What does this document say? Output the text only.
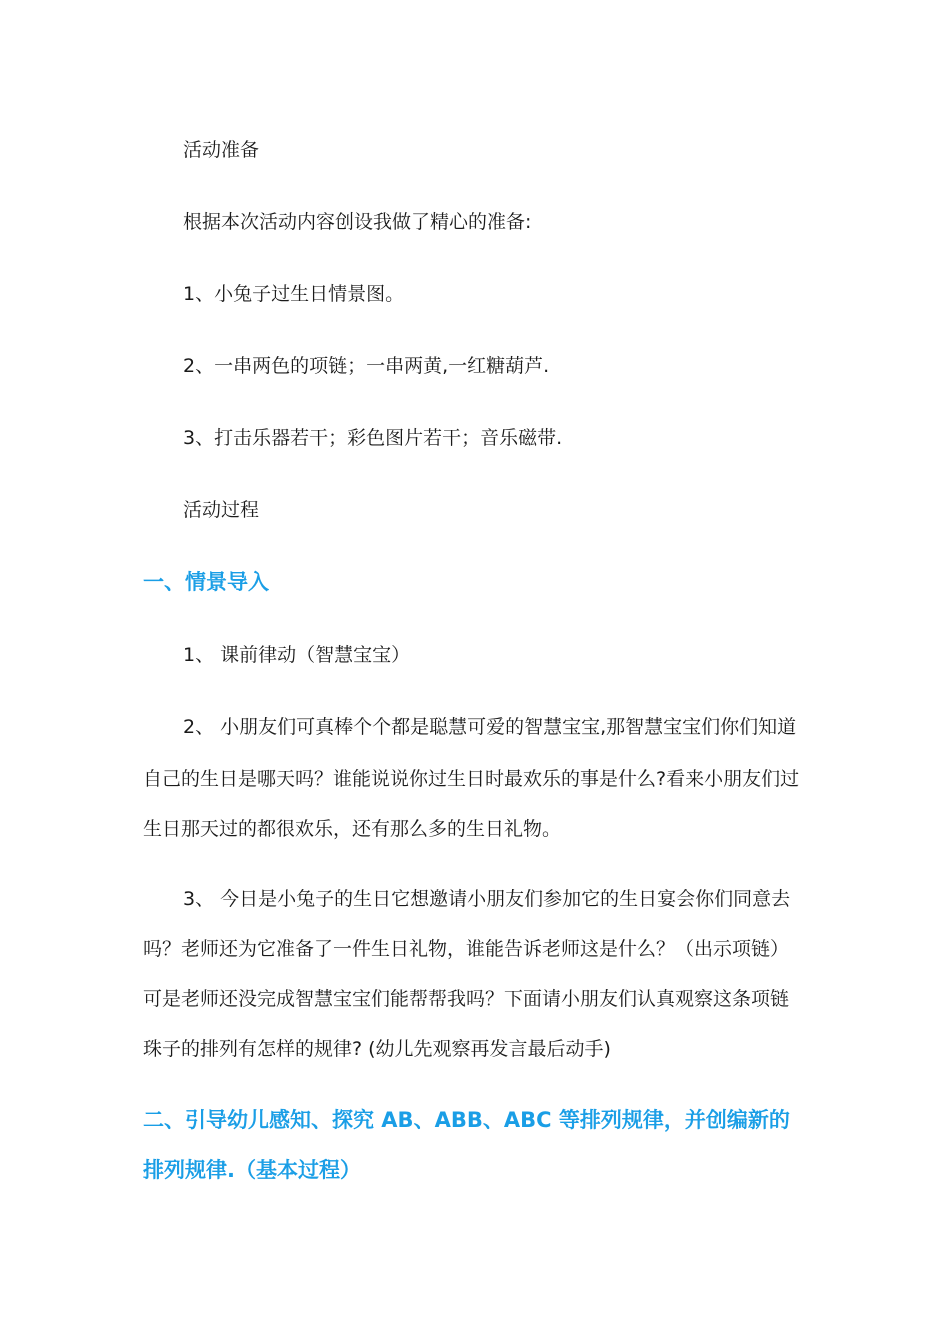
活动准备

根据本次活动内容创设我做了精心的准备:

1、小兔子过生日情景图。

2、一串两色的项链；一串两黄,一红糖葫芦.

3、打击乐器若干；彩色图片若干；音乐磁带.

活动过程

一、情景导入

1、 课前律动（智慧宝宝）

2、 小朋友们可真棒个个都是聪慧可爱的智慧宝宝,那智慧宝宝们你们知道

自己的生日是哪天吗？谁能说说你过生日时最欢乐的事是什么?看来小朋友们过

生日那天过的都很欢乐，还有那么多的生日礼物。

3、 今日是小兔子的生日它想邀请小朋友们参加它的生日宴会你们同意去

吗？老师还为它准备了一件生日礼物，谁能告诉老师这是什么？（出示项链）

可是老师还没完成智慧宝宝们能帮帮我吗？下面请小朋友们认真观察这条项链

珠子的排列有怎样的规律? (幼儿先观察再发言最后动手)

二、引导幼儿感知、探究 AB、ABB、ABC 等排列规律，并创编新的
排列规律.（基本过程）
